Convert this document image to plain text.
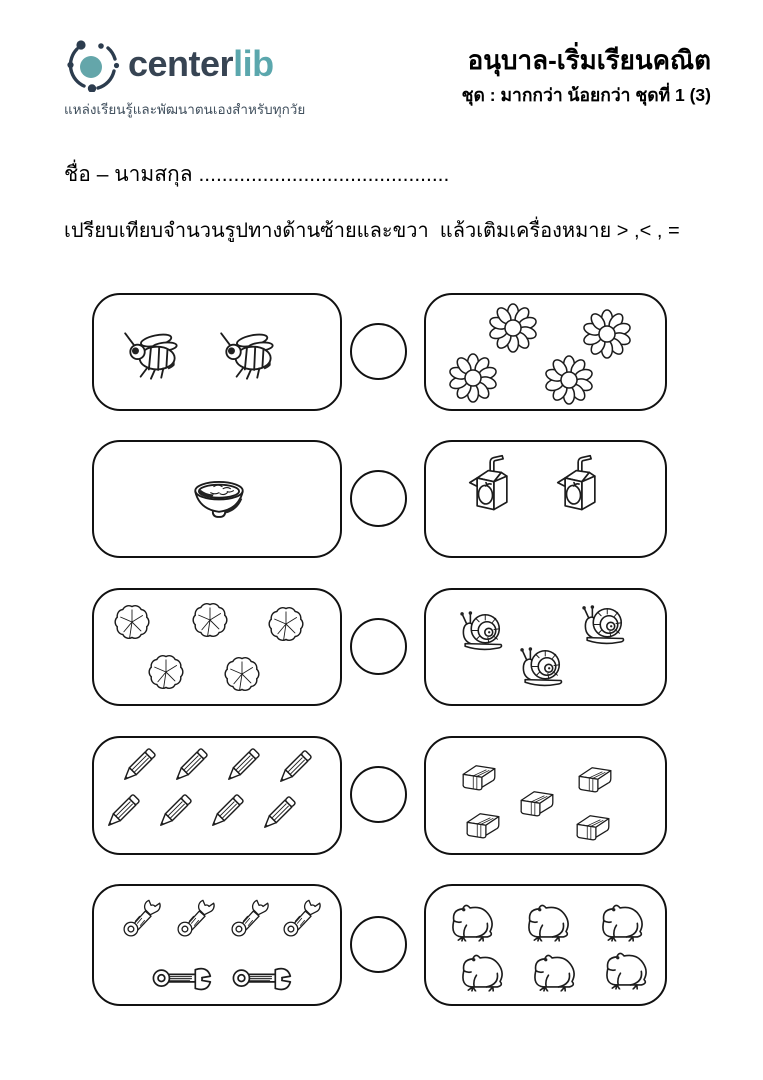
centerlib
แหล่งเรียนรู้และพัฒนาตนเองสำหรับทุกวัย
อนุบาล-เริ่มเรียนคณิต
ชุด : มากกว่า น้อยกว่า ชุดที่ 1 (3)
ชื่อ – นามสกุล ...........................................
เปรียบเทียบจำนวนรูปทางด้านซ้ายและขวา  แล้วเติมเครื่องหมาย > ,< , =
